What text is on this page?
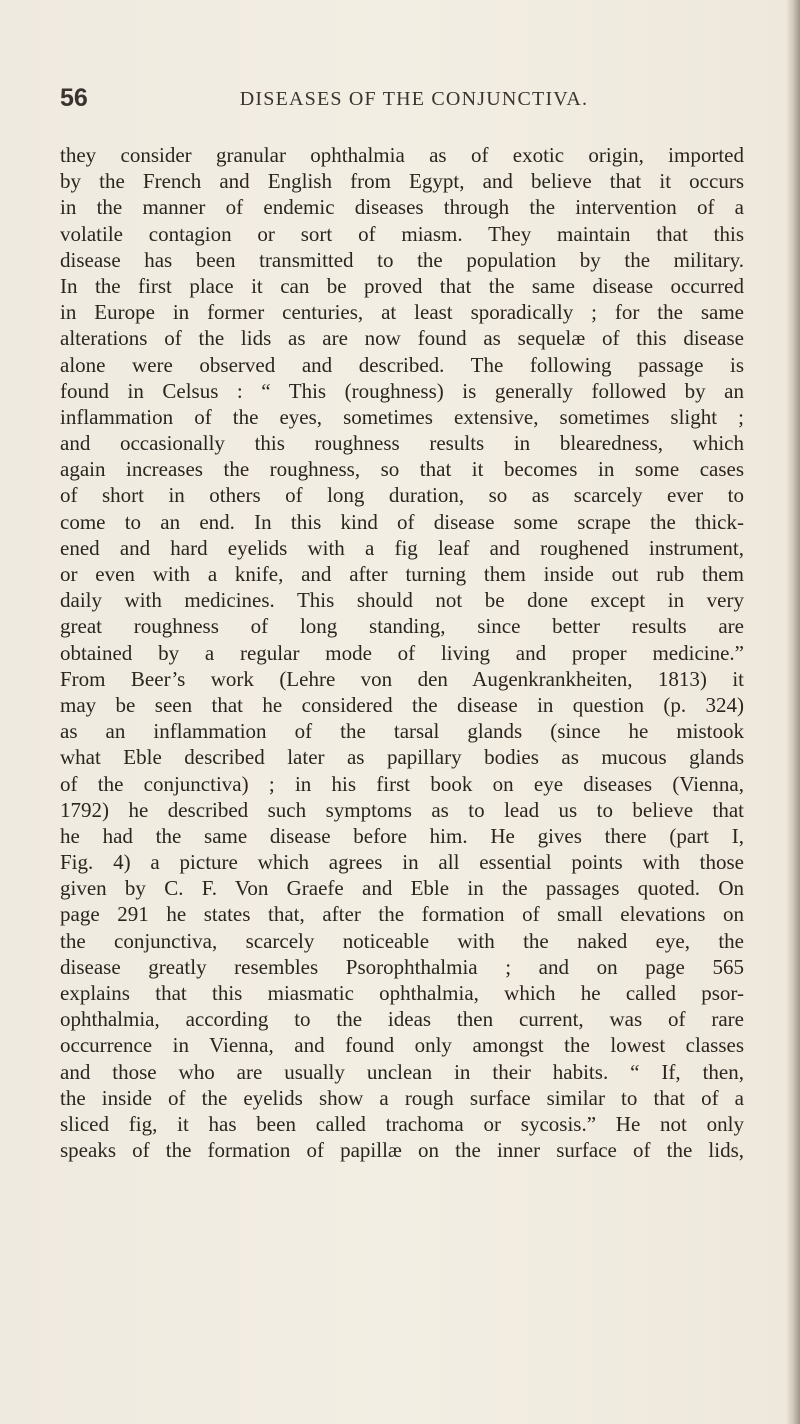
56	DISEASES OF THE CONJUNCTIVA.
they consider granular ophthalmia as of exotic origin, imported
by the French and English from Egypt, and believe that it occurs
in the manner of endemic diseases through the intervention of a
volatile contagion or sort of miasm. They maintain that this
disease has been transmitted to the population by the military.
In the first place it can be proved that the same disease occurred
in Europe in former centuries, at least sporadically ; for the same
alterations of the lids as are now found as sequelæ of this disease
alone were observed and described. The following passage is
found in Celsus : “ This (roughness) is generally followed by an
inflammation of the eyes, sometimes extensive, sometimes slight ;
and occasionally this roughness results in blearedness, which
again increases the roughness, so that it becomes in some cases
of short in others of long duration, so as scarcely ever to
come to an end. In this kind of disease some scrape the thick-
ened and hard eyelids with a fig leaf and roughened instrument,
or even with a knife, and after turning them inside out rub them
daily with medicines. This should not be done except in very
great roughness of long standing, since better results are
obtained by a regular mode of living and proper medicine.”
From Beer’s work (Lehre von den Augenkrankheiten, 1813) it
may be seen that he considered the disease in question (p. 324)
as an inflammation of the tarsal glands (since he mistook
what Eble described later as papillary bodies as mucous glands
of the conjunctiva) ; in his first book on eye diseases (Vienna,
1792) he described such symptoms as to lead us to believe that
he had the same disease before him. He gives there (part I,
Fig. 4) a picture which agrees in all essential points with those
given by C. F. Von Graefe and Eble in the passages quoted. On
page 291 he states that, after the formation of small elevations on
the conjunctiva, scarcely noticeable with the naked eye, the
disease greatly resembles Psorophthalmia ; and on page 565
explains that this miasmatic ophthalmia, which he called psor-
ophthalmia, according to the ideas then current, was of rare
occurrence in Vienna, and found only amongst the lowest classes
and those who are usually unclean in their habits. “ If, then,
the inside of the eyelids show a rough surface similar to that of a
sliced fig, it has been called trachoma or sycosis.” He not only
speaks of the formation of papillæ on the inner surface of the lids,
